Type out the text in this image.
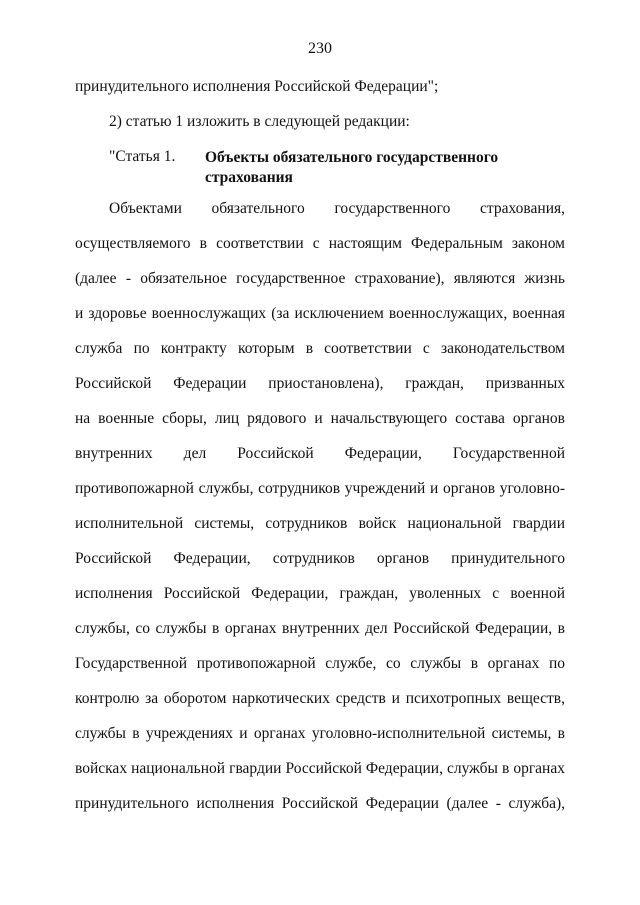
230
принудительного исполнения Российской Федерации";
2) статью 1 изложить в следующей редакции:
"Статья 1. Объекты обязательного государственного
страхования
Объектами обязательного государственного страхования,
осуществляемого в соответствии с настоящим Федеральным законом
(далее - обязательное государственное страхование), являются жизнь
и здоровье военнослужащих (за исключением военнослужащих, военная
служба по контракту которым в соответствии с законодательством
Российской Федерации приостановлена), граждан, призванных
на военные сборы, лиц рядового и начальствующего состава органов
внутренних дел Российской Федерации, Государственной
противопожарной службы, сотрудников учреждений и органов уголовно-
исполнительной системы, сотрудников войск национальной гвардии
Российской Федерации, сотрудников органов принудительного
исполнения Российской Федерации, граждан, уволенных с военной
службы, со службы в органах внутренних дел Российской Федерации, в
Государственной противопожарной службе, со службы в органах по
контролю за оборотом наркотических средств и психотропных веществ,
службы в учреждениях и органах уголовно-исполнительной системы, в
войсках национальной гвардии Российской Федерации, службы в органах
принудительного исполнения Российской Федерации (далее - служба),
